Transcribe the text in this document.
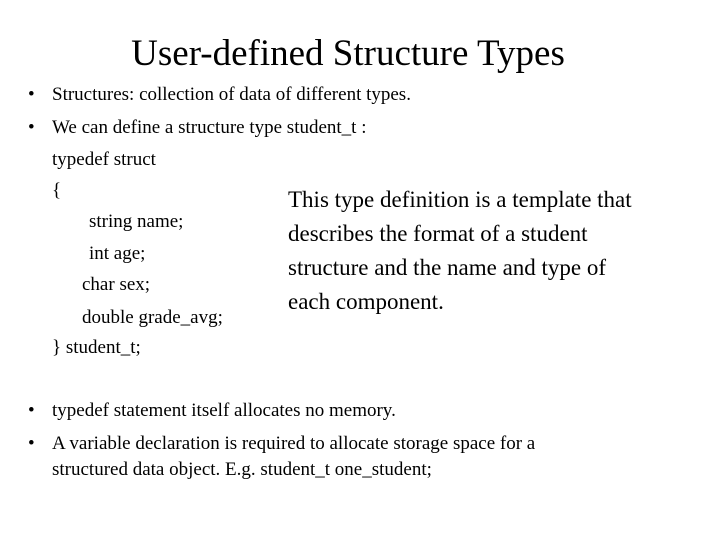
User-defined Structure Types
• Structures: collection of data of different types.
• We can define a structure type student_t :
typedef struct
{
string name;
int age;
char sex;
double grade_avg;
} student_t;
This type definition is a template that
describes the format of a student
structure and the name and type of
each component.
• typedef statement itself allocates no memory.
• A variable declaration is required to allocate storage space for a
structured data object. E.g. student_t one_student;
